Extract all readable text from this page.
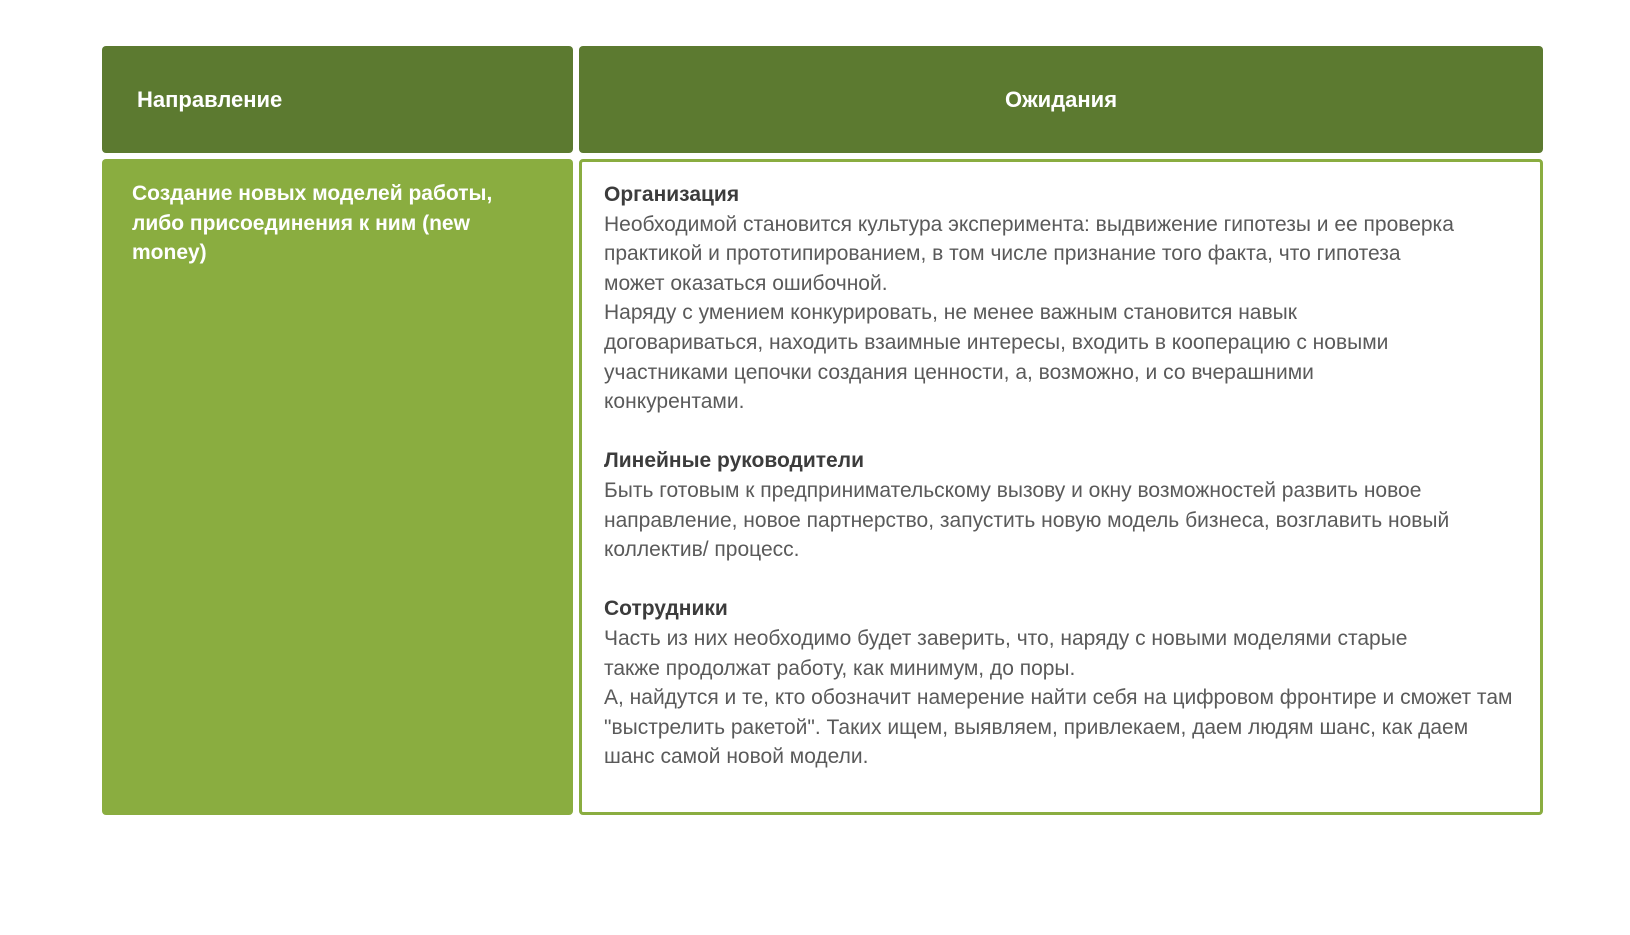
Направление	Ожидания
Создание новых моделей работы, либо присоединения к ним (new money)

Организация

Необходимой становится культура эксперимента: выдвижение гипотезы и ее проверка практикой и прототипированием, в том числе признание того факта, что гипотеза может оказаться ошибочной.

Наряду с умением конкурировать, не менее важным становится навык договариваться, находить взаимные интересы, входить в кооперацию с новыми участниками цепочки создания ценности, а, возможно, и со вчерашними конкурентами.

Линейные руководители

Быть готовым к предпринимательскому вызову и окну возможностей развить новое направление, новое партнерство, запустить новую модель бизнеса, возглавить новый коллектив/ процесс.

Сотрудники

Часть из них необходимо будет заверить, что, наряду с новыми моделями старые также продолжат работу, как минимум, до поры.

А, найдутся и те, кто обозначит намерение найти себя на цифровом фронтире и сможет там "выстрелить ракетой". Таких ищем, выявляем, привлекаем, даем людям шанс, как даем шанс самой новой модели.
